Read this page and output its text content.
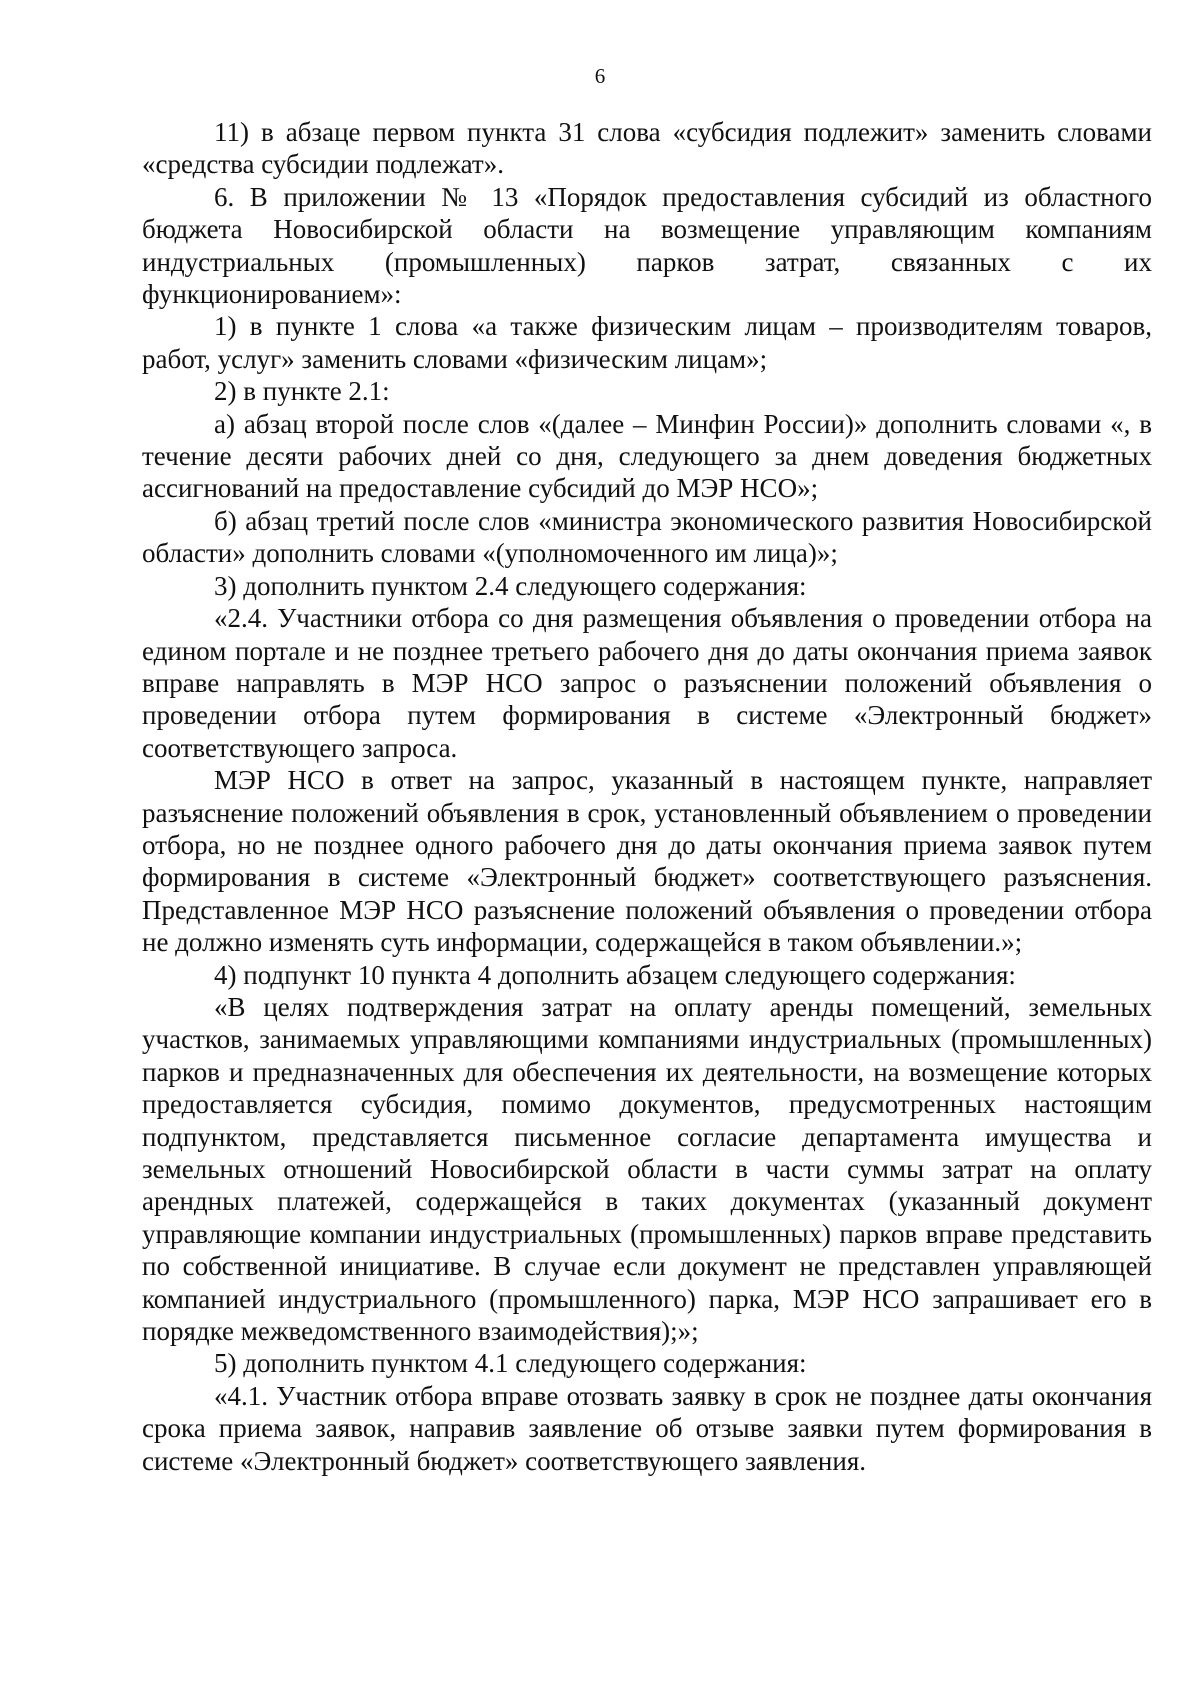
6

11) в абзаце первом пункта 31 слова «субсидия подлежит» заменить словами «средства субсидии подлежат».

6. В приложении № 13 «Порядок предоставления субсидий из областного бюджета Новосибирской области на возмещение управляющим компаниям индустриальных (промышленных) парков затрат, связанных с их функционированием»:

1) в пункте 1 слова «а также физическим лицам – производителям товаров, работ, услуг» заменить словами «физическим лицам»;

2) в пункте 2.1:

а) абзац второй после слов «(далее – Минфин России)» дополнить словами «, в течение десяти рабочих дней со дня, следующего за днем доведения бюджетных ассигнований на предоставление субсидий до МЭР НСО»;

б) абзац третий после слов «министра экономического развития Новосибирской области» дополнить словами «(уполномоченного им лица)»;

3) дополнить пунктом 2.4 следующего содержания:

«2.4. Участники отбора со дня размещения объявления о проведении отбора на едином портале и не позднее третьего рабочего дня до даты окончания приема заявок вправе направлять в МЭР НСО запрос о разъяснении положений объявления о проведении отбора путем формирования в системе «Электронный бюджет» соответствующего запроса.

МЭР НСО в ответ на запрос, указанный в настоящем пункте, направляет разъяснение положений объявления в срок, установленный объявлением о проведении отбора, но не позднее одного рабочего дня до даты окончания приема заявок путем формирования в системе «Электронный бюджет» соответствующего разъяснения. Представленное МЭР НСО разъяснение положений объявления о проведении отбора не должно изменять суть информации, содержащейся в таком объявлении.»;

4) подпункт 10 пункта 4 дополнить абзацем следующего содержания:

«В целях подтверждения затрат на оплату аренды помещений, земельных участков, занимаемых управляющими компаниями индустриальных (промышленных) парков и предназначенных для обеспечения их деятельности, на возмещение которых предоставляется субсидия, помимо документов, предусмотренных настоящим подпунктом, представляется письменное согласие департамента имущества и земельных отношений Новосибирской области в части суммы затрат на оплату арендных платежей, содержащейся в таких документах (указанный документ управляющие компании индустриальных (промышленных) парков вправе представить по собственной инициативе. В случае если документ не представлен управляющей компанией индустриального (промышленного) парка, МЭР НСО запрашивает его в порядке межведомственного взаимодействия);»;

5) дополнить пунктом 4.1 следующего содержания:

«4.1. Участник отбора вправе отозвать заявку в срок не позднее даты окончания срока приема заявок, направив заявление об отзыве заявки путем формирования в системе «Электронный бюджет» соответствующего заявления.
